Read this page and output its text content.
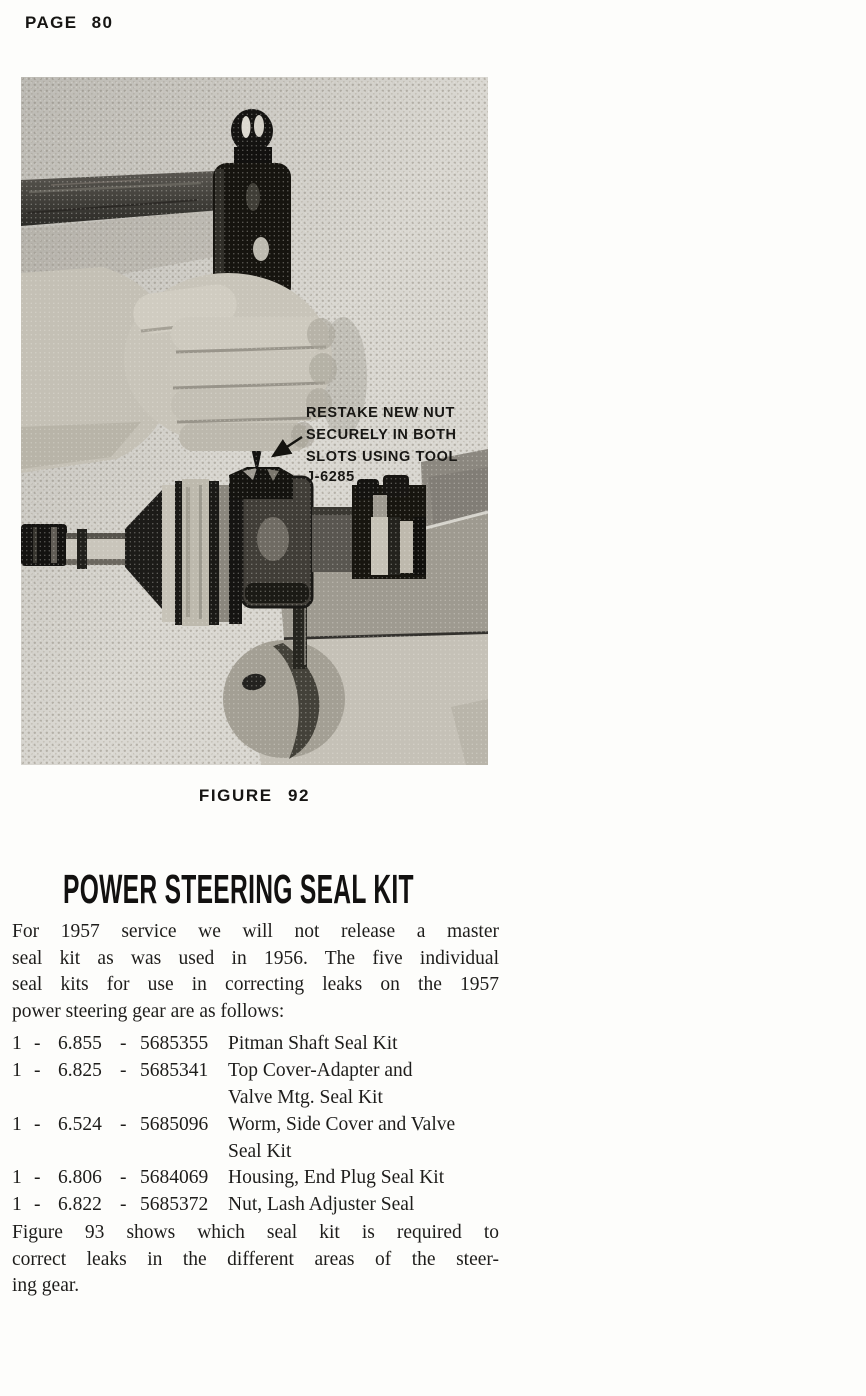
PAGE 80
RESTAKE NEW NUT
SECURELY IN BOTH
SLOTS USING TOOL
J-6285
FIGURE 92
POWER STEERING SEAL KIT
For 1957 service we will not release a master
seal kit as was used in 1956. The five individual
seal kits for use in correcting leaks on the 1957
power steering gear are as follows:
1 - 6.855 - 5685355	Pitman Shaft Seal Kit
1 - 6.825 - 5685341	Top Cover-Adapter and
Valve Mtg. Seal Kit
1 - 6.524 - 5685096	Worm, Side Cover and Valve
Seal Kit
1 - 6.806 - 5684069	Housing, End Plug Seal Kit
1 - 6.822 - 5685372	Nut, Lash Adjuster Seal
Figure 93 shows which seal kit is required to
correct leaks in the different areas of the steer-
ing gear.
